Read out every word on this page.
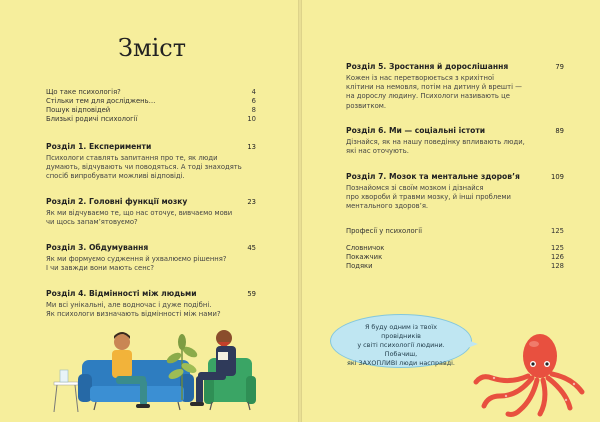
Зміст
Що таке психологія?	4
Стільки тем для досліджень…	6
Пошук відповідей	8
Близькі родичі психології	10
Розділ 1. Експерименти	13
Психологи ставлять запитання про те, як люди
думають, відчувають чи поводяться. А тоді знаходять
спосіб випробувати можливі відповіді.
Розділ 2. Головні функції мозку	23
Як ми відчуваємо те, що нас оточує, вивчаємо мови
чи щось запам’ятовуємо?
Розділ 3. Обдумування	45
Як ми формуємо судження й ухвалюємо рішення?
І чи завжди вони мають сенс?
Розділ 4. Відмінності між людьми	59
Ми всі унікальні, але водночас і дуже подібні.
Як психологи визначають відмінності між нами?
Розділ 5. Зростання й дорослішання	79
Кожен із нас перетворюється з крихітної
клітини на немовля, потім на дитину й врешті —
на дорослу людину. Психологи називають це
розвитком.
Розділ 6. Ми — соціальні істоти	89
Дізнайся, як на нашу поведінку впливають люди,
які нас оточують.
Розділ 7. Мозок та ментальне здоров’я	109
Познайомся зі своїм мозком і дізнайся
про хвороби й травми мозку, й інші проблеми
ментального здоров’я.
Професії у психології	125
Словничок	125
Покажчик	126
Подяки	128
Я буду одним із твоїх провідників
у світі психології людини. Побачиш,
які ЗАХОПЛИВІ люди насправді.
